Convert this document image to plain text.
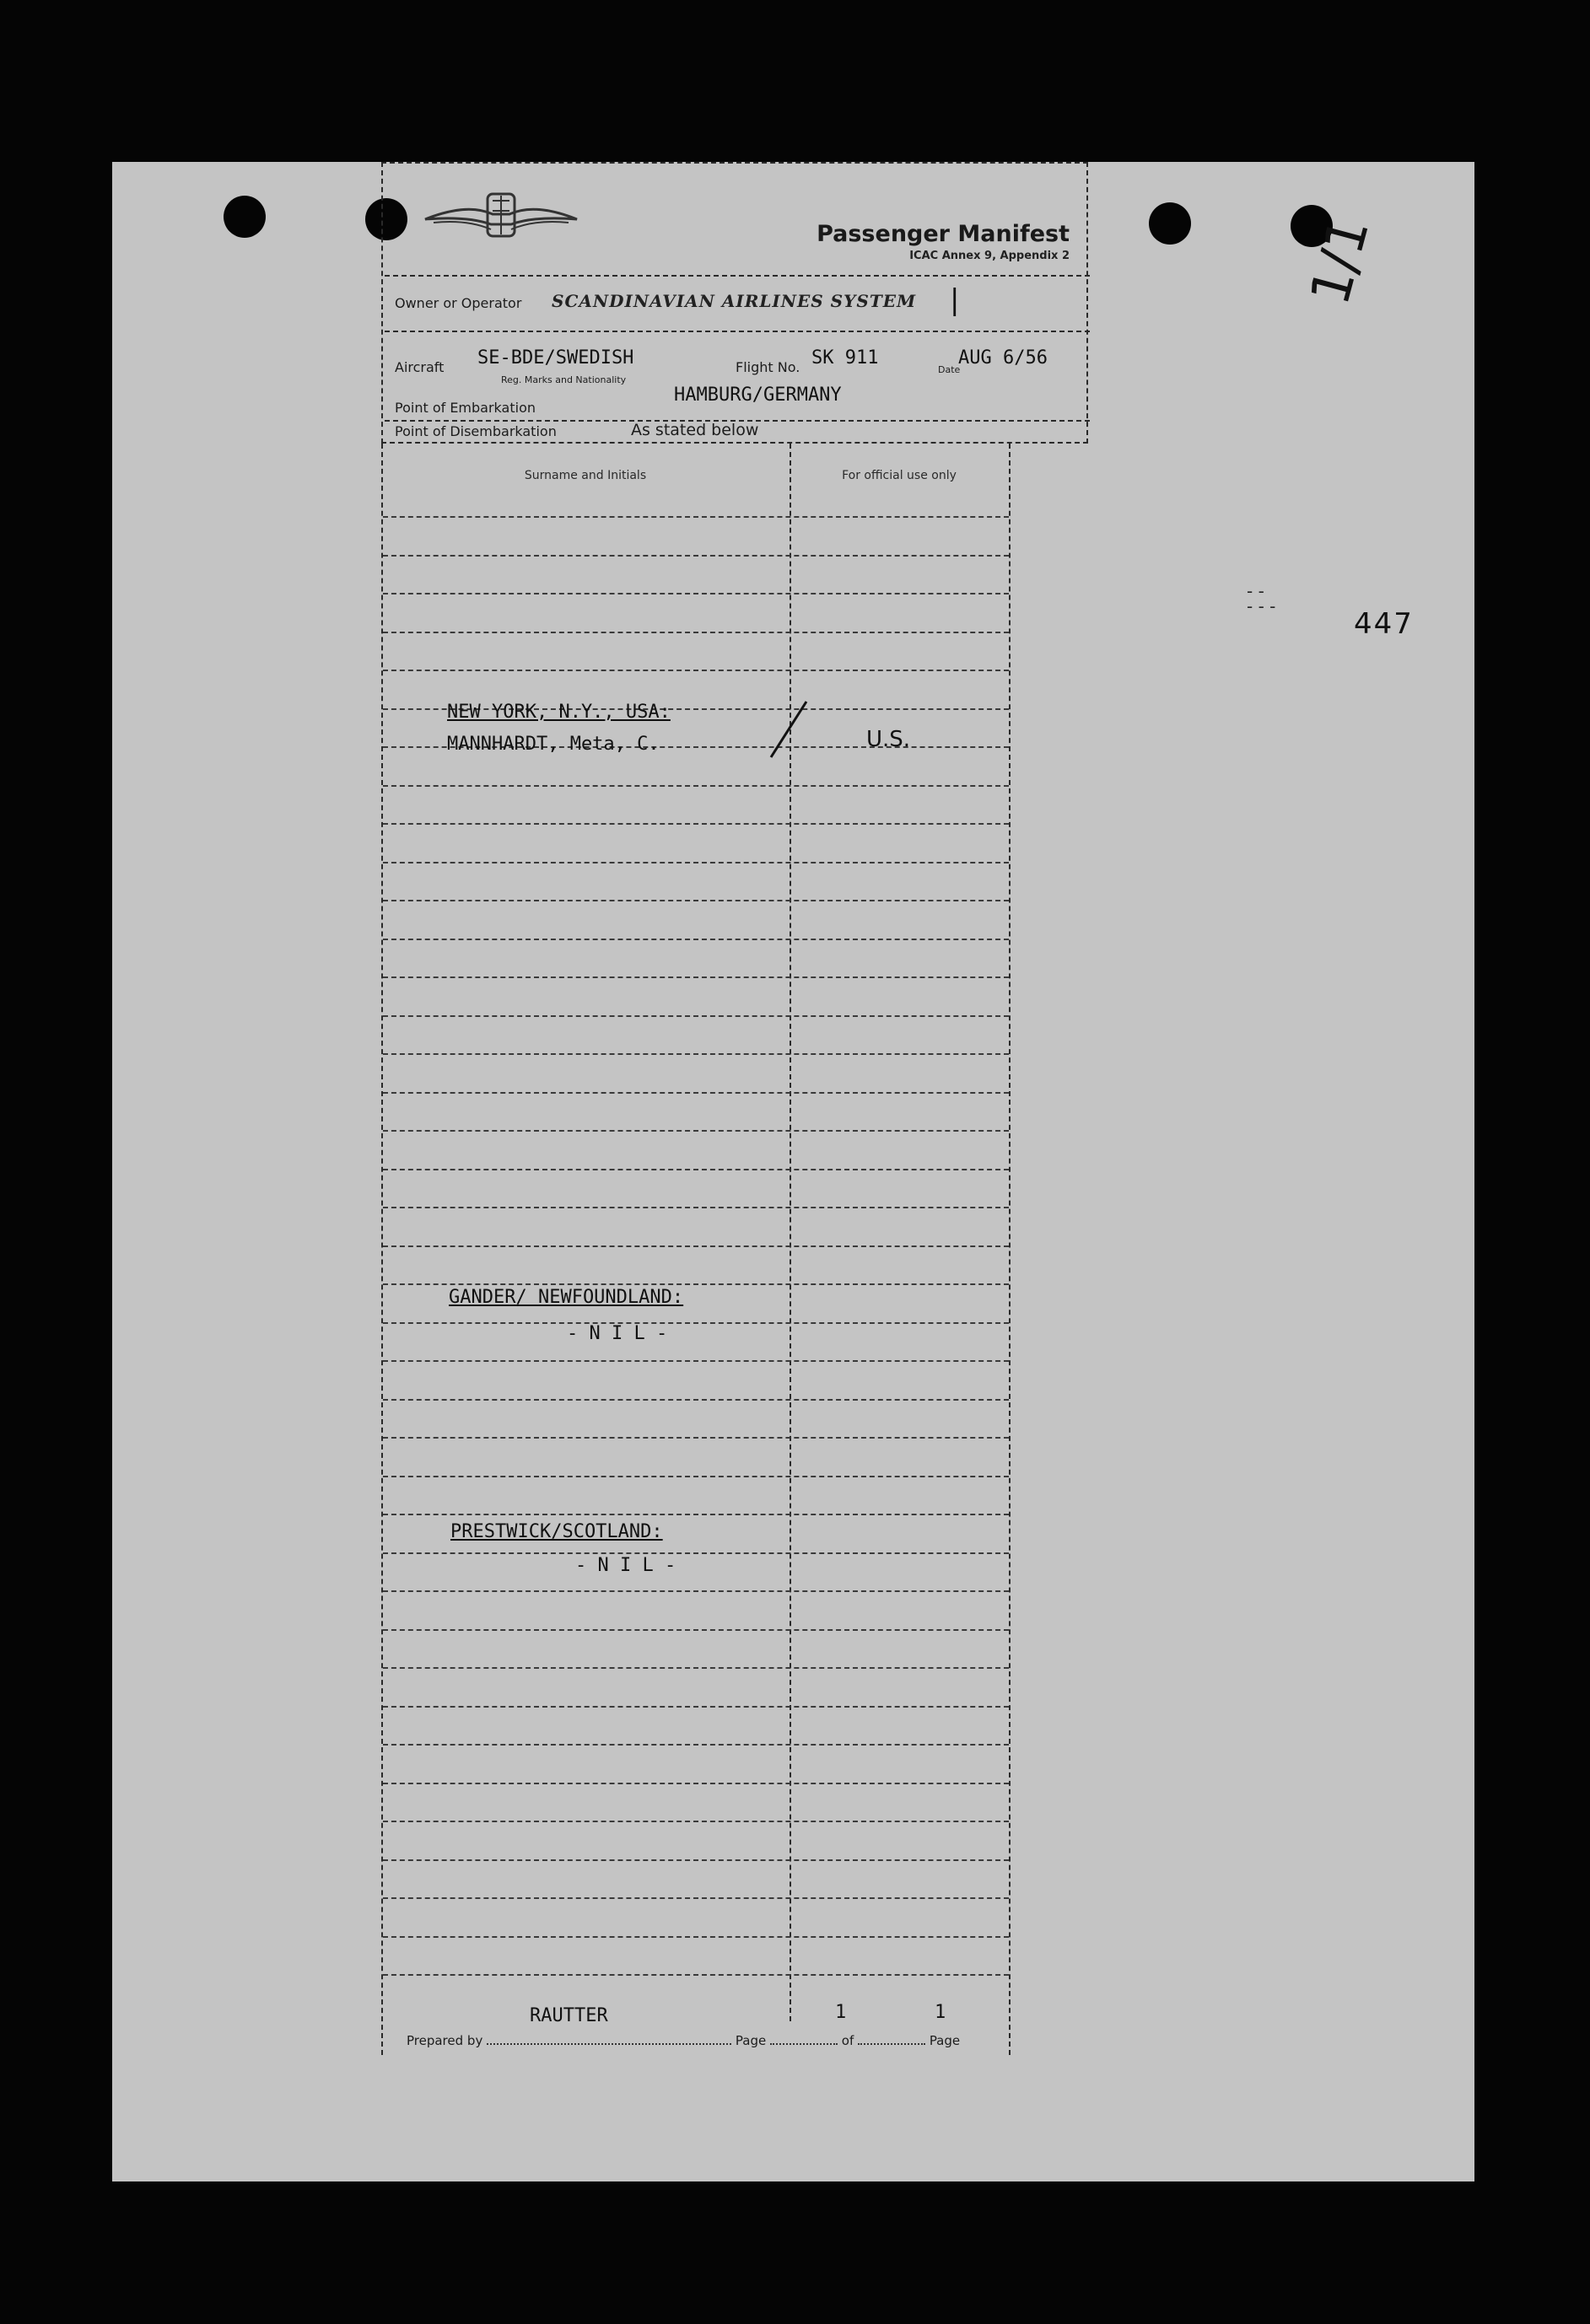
Passenger Manifest
ICAC Annex 9, Appendix 2
Owner or Operator SCANDINAVIAN AIRLINES SYSTEM |
Aircraft SE-BDE/SWEDISH
Reg. Marks and Nationality
Flight No. SK 911
Date
AUG 6/56
HAMBURG/GERMANY
Point of Embarkation
Point of Disembarkation	As stated below
Surname and Initials	For official use only
NEW YORK, N.Y., USA:
MANNHARDT, Meta, C.	U.S.
GANDER/ NEWFOUNDLAND:
- N I L -
PRESTWICK/SCOTLAND:
- N I L -
RAUTTER	1	1
Prepared by	Page	of	Page
447
- -
- - -
1/1
